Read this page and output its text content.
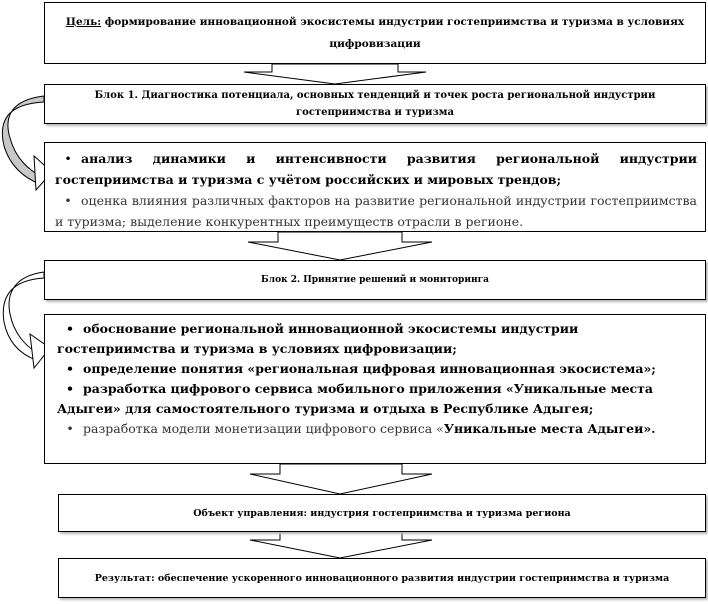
Цель: формирование инновационной экосистемы индустрии гостеприимства и туризма в условиях цифровизации
Блок 1. Диагностика потенциала, основных тенденций и точек роста региональной индустрии гостеприимства и туризма
• анализ динамики и интенсивности развития региональной индустрии гостеприимства и туризма с учётом российских и мировых трендов;
• оценка влияния различных факторов на развитие региональной индустрии гостеприимства и туризма; выделение конкурентных преимуществ отрасли в регионе.
Блок 2. Принятие решений и мониторинга
• обоснование региональной инновационной экосистемы индустрии гостеприимства и туризма в условиях цифровизации;
• определение понятия «региональная цифровая инновационная экосистема»;
• разработка цифрового сервиса мобильного приложения «Уникальные места Адыгеи» для самостоятельного туризма и отдыха в Республике Адыгея;
• разработка модели монетизации цифрового сервиса «Уникальные места Адыгеи».
Объект управления: индустрия гостеприимства и туризма региона
Результат: обеспечение ускоренного инновационного развития индустрии гостеприимства и туризма
